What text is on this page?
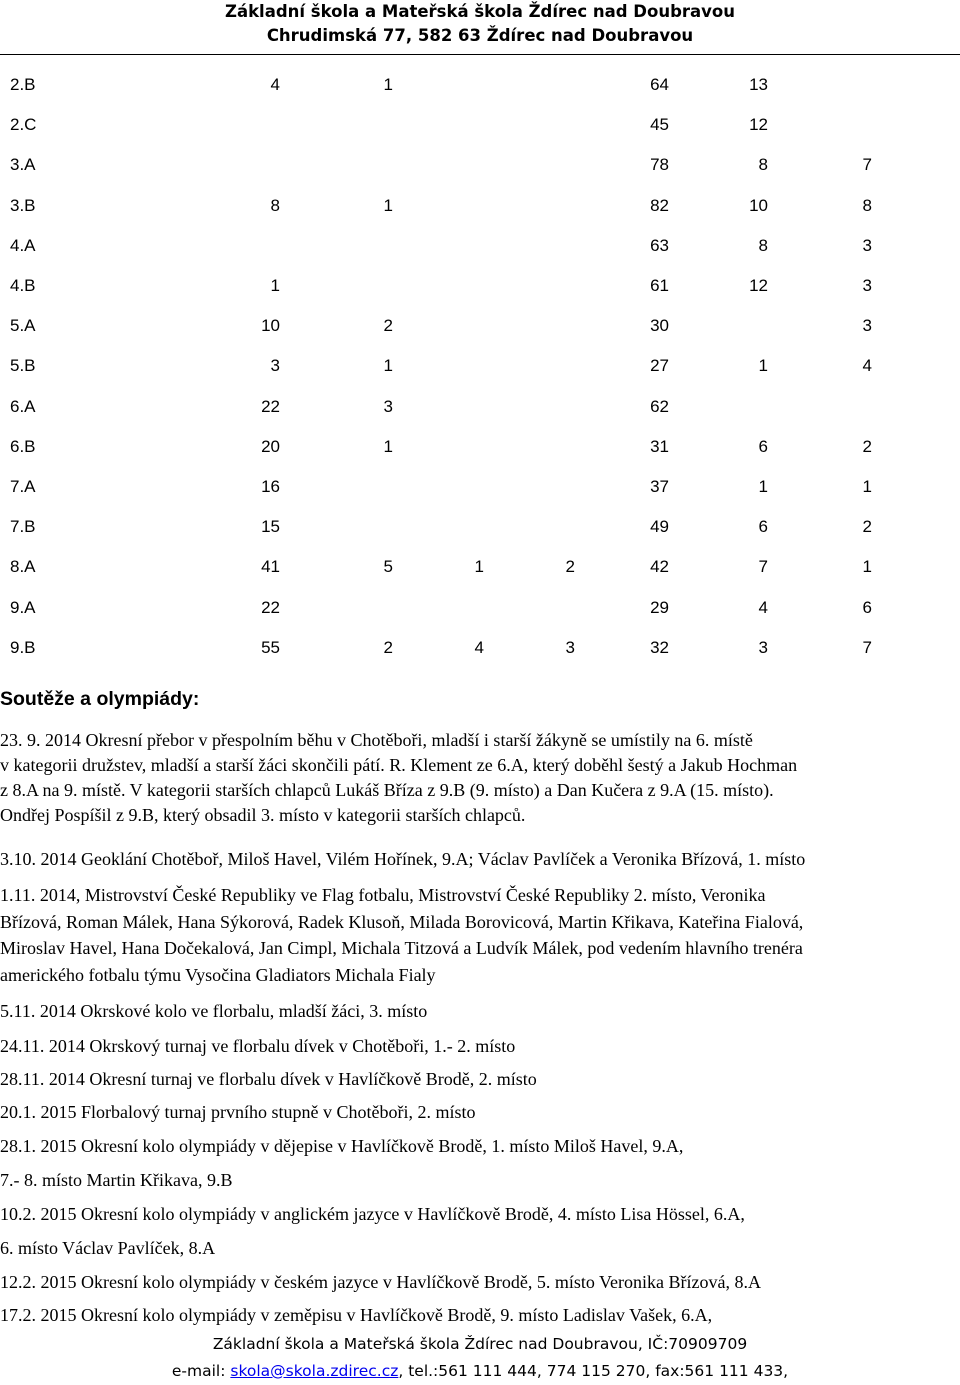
Základní škola a Mateřská škola Ždírec nad Doubravou
Chrudimská 77, 582 63 Ždírec nad Doubravou
	2.B	4	1			64	13	
	2.C					45	12	
	3.A					78	8	7
	3.B	8	1			82	10	8
	4.A					63	8	3
	4.B	1				61	12	3
	5.A	10	2			30		3
	5.B	3	1			27	1	4
	6.A	22	3			62		
	6.B	20	1			31	6	2
	7.A	16				37	1	1
	7.B	15				49	6	2
	8.A	41	5	1	2	42	7	1
	9.A	22				29	4	6
	9.B	55	2	4	3	32	3	7
Soutěže a olympiády:
23. 9. 2014 Okresní přebor v přespolním běhu v Chotěboři, mladší i starší žákyně se umístily na 6. místě
v kategorii družstev, mladší a starší žáci skončili pátí. R. Klement ze 6.A, který doběhl šestý a Jakub Hochman
z 8.A na 9. místě. V kategorii starších chlapců Lukáš Bříza z 9.B (9. místo) a Dan Kučera z 9.A (15. místo).
Ondřej Pospíšil z 9.B, který obsadil 3. místo v kategorii starších chlapců.
3.10. 2014 Geoklání Chotěboř, Miloš Havel, Vilém Hořínek, 9.A; Václav Pavlíček a Veronika Břízová, 1. místo
1.11. 2014, Mistrovství České Republiky ve Flag fotbalu, Mistrovství České Republiky 2. místo, Veronika
Břízová, Roman Málek, Hana Sýkorová, Radek Klusoň, Milada Borovicová, Martin Křikava, Kateřina Fialová,
Miroslav Havel, Hana Dočekalová, Jan Cimpl, Michala Titzová a Ludvík Málek, pod vedením hlavního trenéra
amerického fotbalu týmu Vysočina Gladiators Michala Fialy
5.11. 2014 Okrskové kolo ve florbalu, mladší žáci, 3. místo
24.11. 2014 Okrskový turnaj ve florbalu dívek v Chotěboři, 1.- 2. místo
28.11. 2014 Okresní turnaj ve florbalu dívek v Havlíčkově Brodě, 2. místo
20.1. 2015 Florbalový turnaj prvního stupně v Chotěboři, 2. místo
28.1. 2015 Okresní kolo olympiády v dějepise v Havlíčkově Brodě, 1. místo Miloš Havel, 9.A,
7.- 8. místo Martin Křikava, 9.B
10.2. 2015 Okresní kolo olympiády v anglickém jazyce v Havlíčkově Brodě, 4. místo Lisa Hössel, 6.A,
6. místo Václav Pavlíček, 8.A
12.2. 2015 Okresní kolo olympiády v českém jazyce v Havlíčkově Brodě, 5. místo Veronika Břízová, 8.A
17.2. 2015 Okresní kolo olympiády v zeměpisu v Havlíčkově Brodě, 9. místo Ladislav Vašek, 6.A,
Základní škola a Mateřská škola Ždírec nad Doubravou, IČ:70909709
e-mail: skola@skola.zdirec.cz, tel.:561 111 444, 774 115 270, fax:561 111 433,
